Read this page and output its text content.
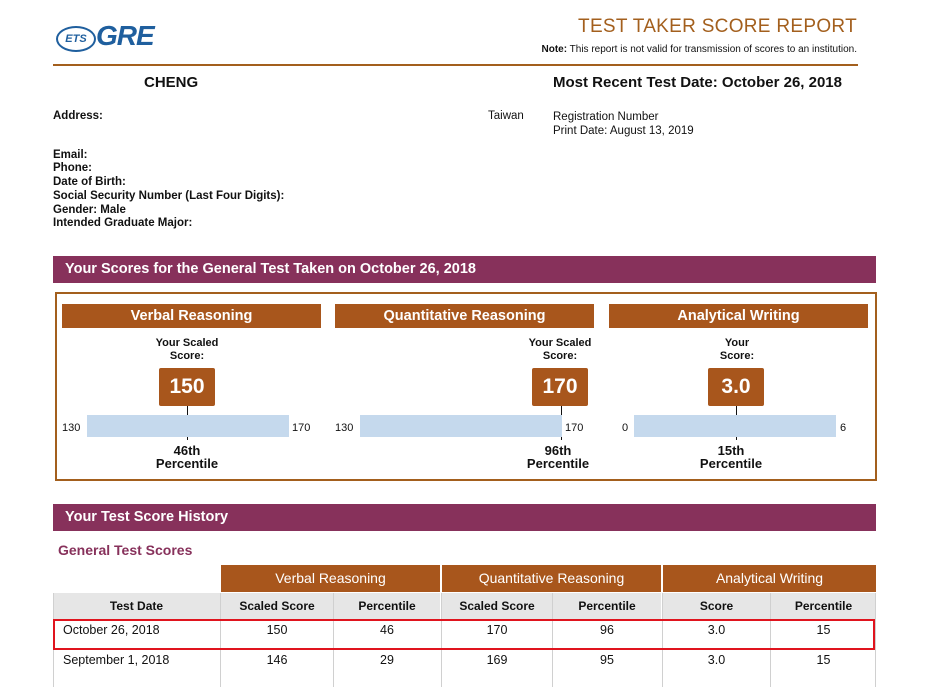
ETS GRE	TEST TAKER SCORE REPORT
Note: This report is not valid for transmission of scores to an institution.
CHENG	Most Recent Test Date: October 26, 2018
Address:	Taiwan	Registration Number
Print Date: August 13, 2019
Email:
Phone:
Date of Birth:
Social Security Number (Last Four Digits):
Gender: Male
Intended Graduate Major:
Your Scores for the General Test Taken on October 26, 2018
Verbal Reasoning
Your Scaled
Score:
150
130	170
46th
Percentile
Quantitative Reasoning
Your Scaled
Score:
170
130	170
96th
Percentile
Analytical Writing
Your
Score:
3.0
0	6
15th
Percentile
Your Test Score History
General Test Scores
Verbal Reasoning	Quantitative Reasoning	Analytical Writing
Test Date	Scaled Score	Percentile	Scaled Score	Percentile	Score	Percentile
October 26, 2018	150	46	170	96	3.0	15
September 1, 2018	146	29	169	95	3.0	15
